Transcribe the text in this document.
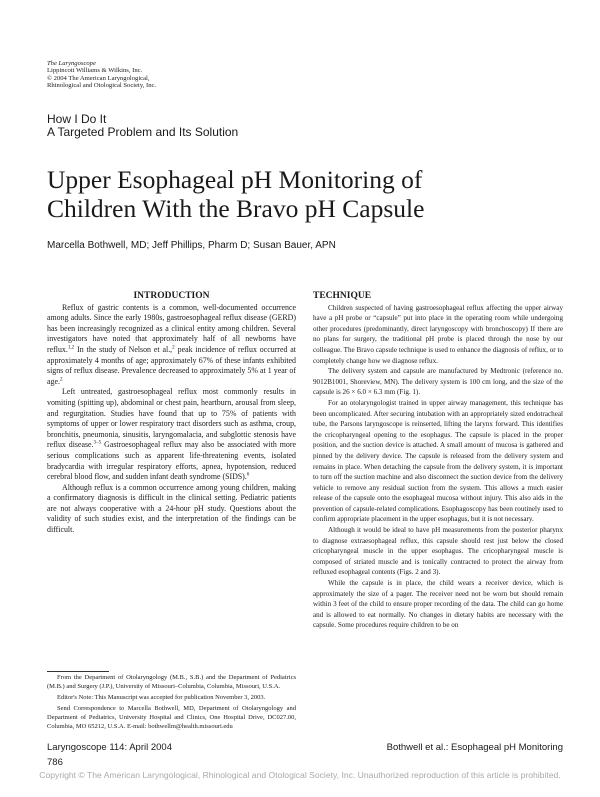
The Laryngoscope
Lippincott Williams & Wilkins, Inc.
© 2004 The American Laryngological,
Rhinological and Otological Society, Inc.
How I Do It
A Targeted Problem and Its Solution
Upper Esophageal pH Monitoring of
Children With the Bravo pH Capsule
Marcella Bothwell, MD; Jeff Phillips, Pharm D; Susan Bauer, APN
INTRODUCTION

Reflux of gastric contents is a common, well-documented occurrence among adults. Since the early 1980s, gastroesophageal reflux disease (GERD) has been increasingly recognized as a clinical entity among children. Several investigators have noted that approximately half of all newborns have reflux.$^{1,2}$ In the study of Nelson et al.,$^2$ peak incidence of reflux occurred at approximately 4 months of age; approximately 67% of these infants exhibited signs of reflux disease. Prevalence decreased to approximately 5% at 1 year of age.$^2$

Left untreated, gastroesophageal reflux most commonly results in vomiting (spitting up), abdominal or chest pain, heartburn, arousal from sleep, and regurgitation. Studies have found that up to 75% of patients with symptoms of upper or lower respiratory tract disorders such as asthma, croup, bronchitis, pneumonia, sinusitis, laryngomalacia, and subglottic stenosis have reflux disease.$^{3-5}$ Gastroesophageal reflux may also be associated with more serious complications such as apparent life-threatening events, isolated bradycardia with irregular respiratory efforts, apnea, hypotension, reduced cerebral blood flow, and sudden infant death syndrome (SIDS).$^6$

Although reflux is a common occurrence among young children, making a confirmatory diagnosis is difficult in the clinical setting. Pediatric patients are not always cooperative with a 24-hour pH study. Questions about the validity of such studies exist, and the interpretation of the findings can be difficult.

From the Department of Otolaryngology (M.B., S.B.) and the Department of Pediatrics (M.B.) and Surgery (J.P.), University of Missouri–Columbia, Columbia, Missouri, U.S.A.

Editor's Note: This Manuscript was accepted for publication November 3, 2003.

Send Correspondence to Marcella Bothwell, MD, Department of Otolaryngology and Department of Pediatrics, University Hospital and Clinics, One Hospital Drive, DC027.00, Columbia, MO 65212, U.S.A. E-mail: bothwellm@health.missouri.edu

TECHNIQUE

Children suspected of having gastroesophageal reflux affecting the upper airway have a pH probe or “capsule” put into place in the operating room while undergoing other procedures (predominantly, direct laryngoscopy with bronchoscopy) If there are no plans for surgery, the traditional pH probe is placed through the nose by our colleague. The Bravo capsule technique is used to enhance the diagnosis of reflux, or to completely change how we diagnose reflux.

The delivery system and capsule are manufactured by Medtronic (reference no. 9012B1001, Shoreview, MN). The delivery system is 100 cm long, and the size of the capsule is 26 × 6.0 × 6.3 mm (Fig. 1).

For an otolaryngologist trained in upper airway management, this technique has been uncomplicated. After securing intubation with an appropriately sized endotracheal tube, the Parsons laryngoscope is reinserted, lifting the larynx forward. This identifies the cricopharyngeal opening to the esophagus. The capsule is placed in the proper position, and the suction device is attached. A small amount of mucosa is gathered and pinned by the delivery device. The capsule is released from the delivery system and remains in place. When detaching the capsule from the delivery system, it is important to turn off the suction machine and also disconnect the suction device from the delivery vehicle to remove any residual suction from the system. This allows a much easier release of the capsule onto the esophageal mucosa without injury. This also aids in the prevention of capsule-related complications. Esophagoscopy has been routinely used to confirm appropriate placement in the upper esophagus, but it is not necessary.

Although it would be ideal to have pH measurements from the posterior pharynx to diagnose extraesophageal reflux, this capsule should rest just below the closed cricopharyngeal muscle in the upper esophagus. The cricopharyngeal muscle is composed of striated muscle and is tonically contracted to protect the airway from refluxed esophageal contents (Figs. 2 and 3).

While the capsule is in place, the child wears a receiver device, which is approximately the size of a pager. The receiver need not be worn but should remain within 3 feet of the child to ensure proper recording of the data. The child can go home and is allowed to eat normally. No changes in dietary habits are necessary with the capsule. Some procedures require children to be on

Laryngoscope 114: April 2004
786
Bothwell et al.: Esophageal pH Monitoring
Copyright © The American Laryngological, Rhinological and Otological Society, Inc. Unauthorized reproduction of this article is prohibited.
